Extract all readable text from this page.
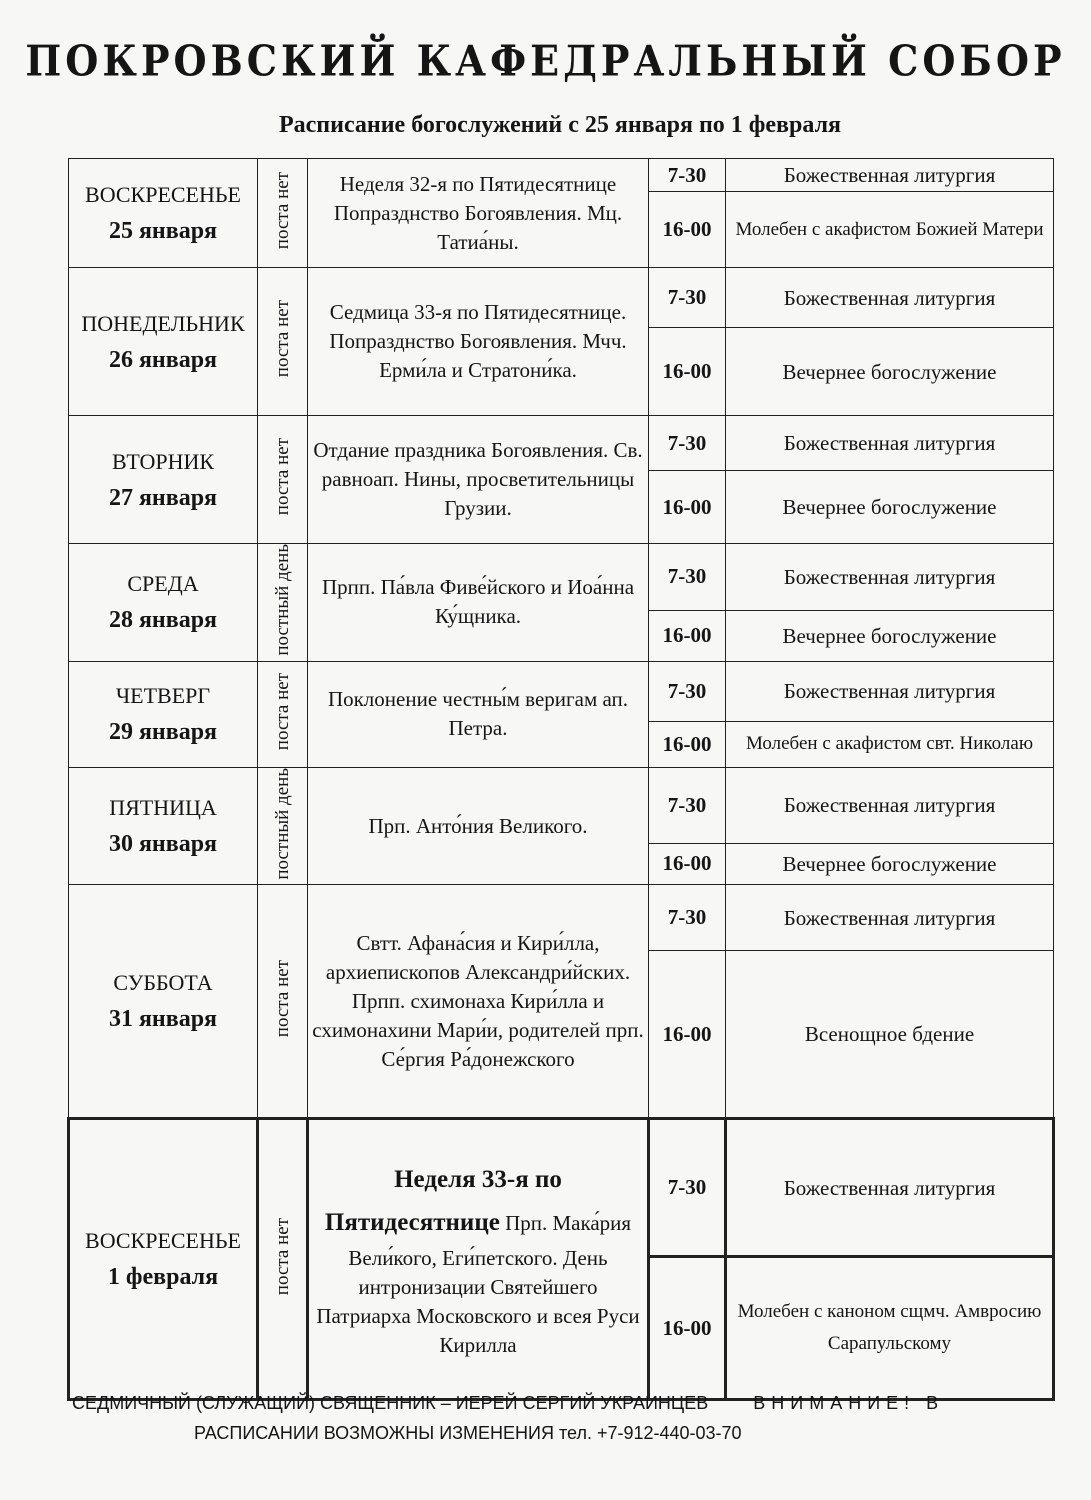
ПОКРОВСКИЙ КАФЕДРАЛЬНЫЙ СОБОР
Расписание богослужений с 25 января по 1 февраля
ВОСКРЕСЕНЬЕ
25 января	поста нет	Неделя 32-я по Пятидесятнице Попразднство Богоявления. Мц. Татиа́ны.	7-30	Божественная литургия
			16-00	Молебен с акафистом Божией Матери

ПОНЕДЕЛЬНИК
26 января	поста нет	Седмица 33-я по Пятидесятнице. Попразднство Богоявления. Мчч. Ерми́ла и Стратони́ка.	7-30	Божественная литургия
			16-00	Вечернее богослужение

ВТОРНИК
27 января	поста нет	Отдание праздника Богоявления. Св. равноап. Нины, просветительницы Грузии.	7-30	Божественная литургия
			16-00	Вечернее богослужение

СРЕДА
28 января	постный день	Прпп. Па́вла Фиве́йского и Иоа́нна Ку́щника.	7-30	Божественная литургия
			16-00	Вечернее богослужение

ЧЕТВЕРГ
29 января	поста нет	Поклонение честны́м веригам ап. Петра.	7-30	Божественная литургия
			16-00	Молебен с акафистом свт. Николаю

ПЯТНИЦА
30 января	постный день	Прп. Анто́ния Великого.	7-30	Божественная литургия
			16-00	Вечернее богослужение

СУББОТА
31 января	поста нет	Свтт. Афана́сия и Кири́лла, архиепископов Александри́йских. Прпп. схимонаха Кири́лла и схимонахини Мари́и, родителей прп. Се́ргия Ра́донежского	7-30	Божественная литургия
			16-00	Всенощное бдение

ВОСКРЕСЕНЬЕ
1 февраля	поста нет	Неделя 33-я по Пятидесятнице Прп. Мака́рия Вели́кого, Еги́петского. День интронизации Святейшего Патриарха Московского и всея Руси Кирилла	7-30	Божественная литургия
			16-00	Молебен с каноном сщмч. Амвросию Сарапульскому
СЕДМИЧНЫЙ (СЛУЖАЩИЙ) СВЯЩЕННИК – ИЕРЕЙ СЕРГИЙ УКРАИНЦЕВ	ВНИМАНИЕ! В
РАСПИСАНИИ ВОЗМОЖНЫ ИЗМЕНЕНИЯ тел. +7-912-440-03-70
